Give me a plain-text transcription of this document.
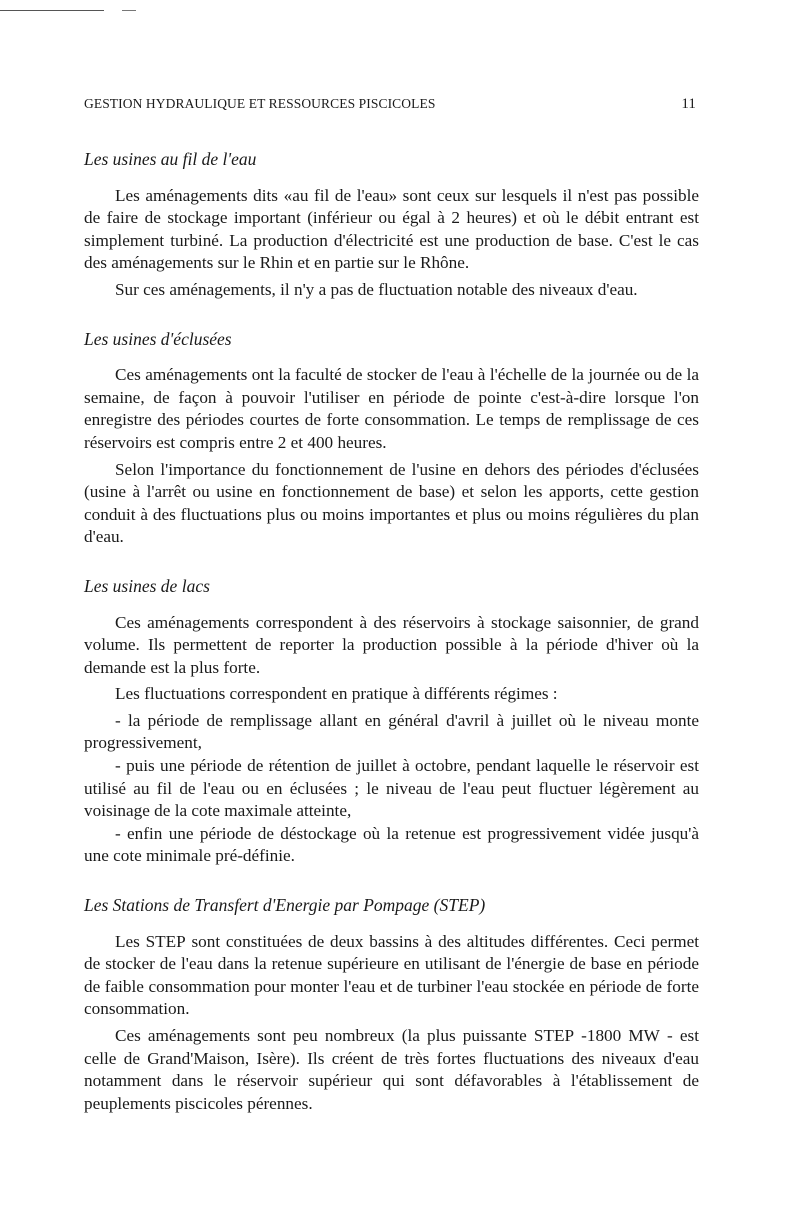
GESTION HYDRAULIQUE ET RESSOURCES PISCICOLES	11
Les usines au fil de l'eau

Les aménagements dits «au fil de l'eau» sont ceux sur lesquels il n'est pas possible de faire de stockage important (inférieur ou égal à 2 heures) et où le débit entrant est simplement turbiné. La production d'électricité est une production de base. C'est le cas des aménagements sur le Rhin et en partie sur le Rhône.

Sur ces aménagements, il n'y a pas de fluctuation notable des niveaux d'eau.

Les usines d'éclusées

Ces aménagements ont la faculté de stocker de l'eau à l'échelle de la journée ou de la semaine, de façon à pouvoir l'utiliser en période de pointe c'est-à-dire lorsque l'on enregistre des périodes courtes de forte consommation. Le temps de remplissage de ces réservoirs est compris entre 2 et 400 heures.

Selon l'importance du fonctionnement de l'usine en dehors des périodes d'éclusées (usine à l'arrêt ou usine en fonctionnement de base) et selon les apports, cette gestion conduit à des fluctuations plus ou moins importantes et plus ou moins régulières du plan d'eau.

Les usines de lacs

Ces aménagements correspondent à des réservoirs à stockage saisonnier, de grand volume. Ils permettent de reporter la production possible à la période d'hiver où la demande est la plus forte.

Les fluctuations correspondent en pratique à différents régimes :

- la période de remplissage allant en général d'avril à juillet où le niveau monte progressivement,

- puis une période de rétention de juillet à octobre, pendant laquelle le réservoir est utilisé au fil de l'eau ou en éclusées ; le niveau de l'eau peut fluctuer légèrement au voisinage de la cote maximale atteinte,

- enfin une période de déstockage où la retenue est progressivement vidée jusqu'à une cote minimale pré-définie.

Les Stations de Transfert d'Energie par Pompage (STEP)

Les STEP sont constituées de deux bassins à des altitudes différentes. Ceci permet de stocker de l'eau dans la retenue supérieure en utilisant de l'énergie de base en période de faible consommation pour monter l'eau et de turbiner l'eau stockée en période de forte consommation.

Ces aménagements sont peu nombreux (la plus puissante STEP -1800 MW - est celle de Grand'Maison, Isère). Ils créent de très fortes fluctuations des niveaux d'eau notamment dans le réservoir supérieur qui sont défavorables à l'établissement de peuplements piscicoles pérennes.
